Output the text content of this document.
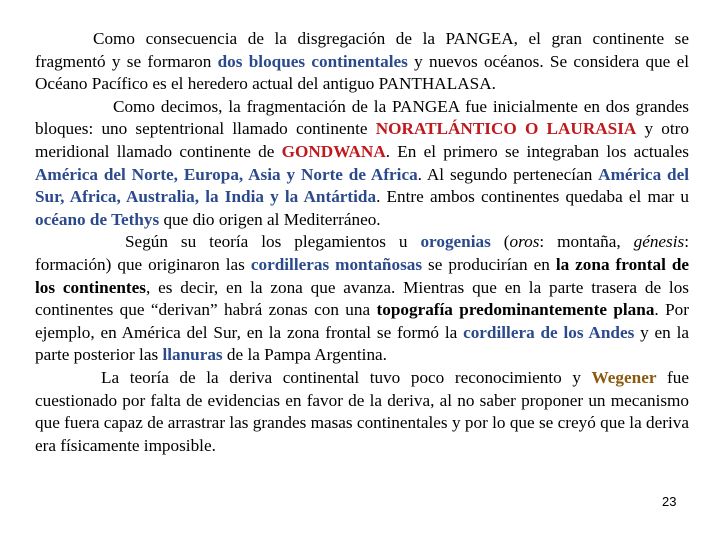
Como consecuencia de la disgregación de la PANGEA, el gran continente se fragmentó y se formaron dos bloques continentales y nuevos océanos. Se considera que el Océano Pacífico es el heredero actual del antiguo PANTHALASA.

Como decimos, la fragmentación de la PANGEA fue inicialmente en dos grandes bloques: uno septentrional llamado continente NORATLÁNTICO O LAURASIA y otro meridional llamado continente de GONDWANA. En el primero se integraban los actuales América del Norte, Europa, Asia y Norte de Africa. Al segundo pertenecían América del Sur, Africa, Australia, la India y la Antártida. Entre ambos continentes quedaba el mar u océano de Tethys que dio origen al Mediterráneo.

Según su teoría los plegamientos u orogenias (oros: montaña, génesis: formación) que originaron las cordilleras montañosas se producirían en la zona frontal de los continentes, es decir, en la zona que avanza. Mientras que en la parte trasera de los continentes que “derivan” habrá zonas con una topografía predominantemente plana. Por ejemplo, en América del Sur, en la zona frontal se formó la cordillera de los Andes y en la parte posterior las llanuras de la Pampa Argentina.

La teoría de la deriva continental tuvo poco reconocimiento y Wegener fue cuestionado por falta de evidencias en favor de la deriva, al no saber proponer un mecanismo que fuera capaz de arrastrar las grandes masas continentales y por lo que se creyó que la deriva era físicamente imposible.

23
